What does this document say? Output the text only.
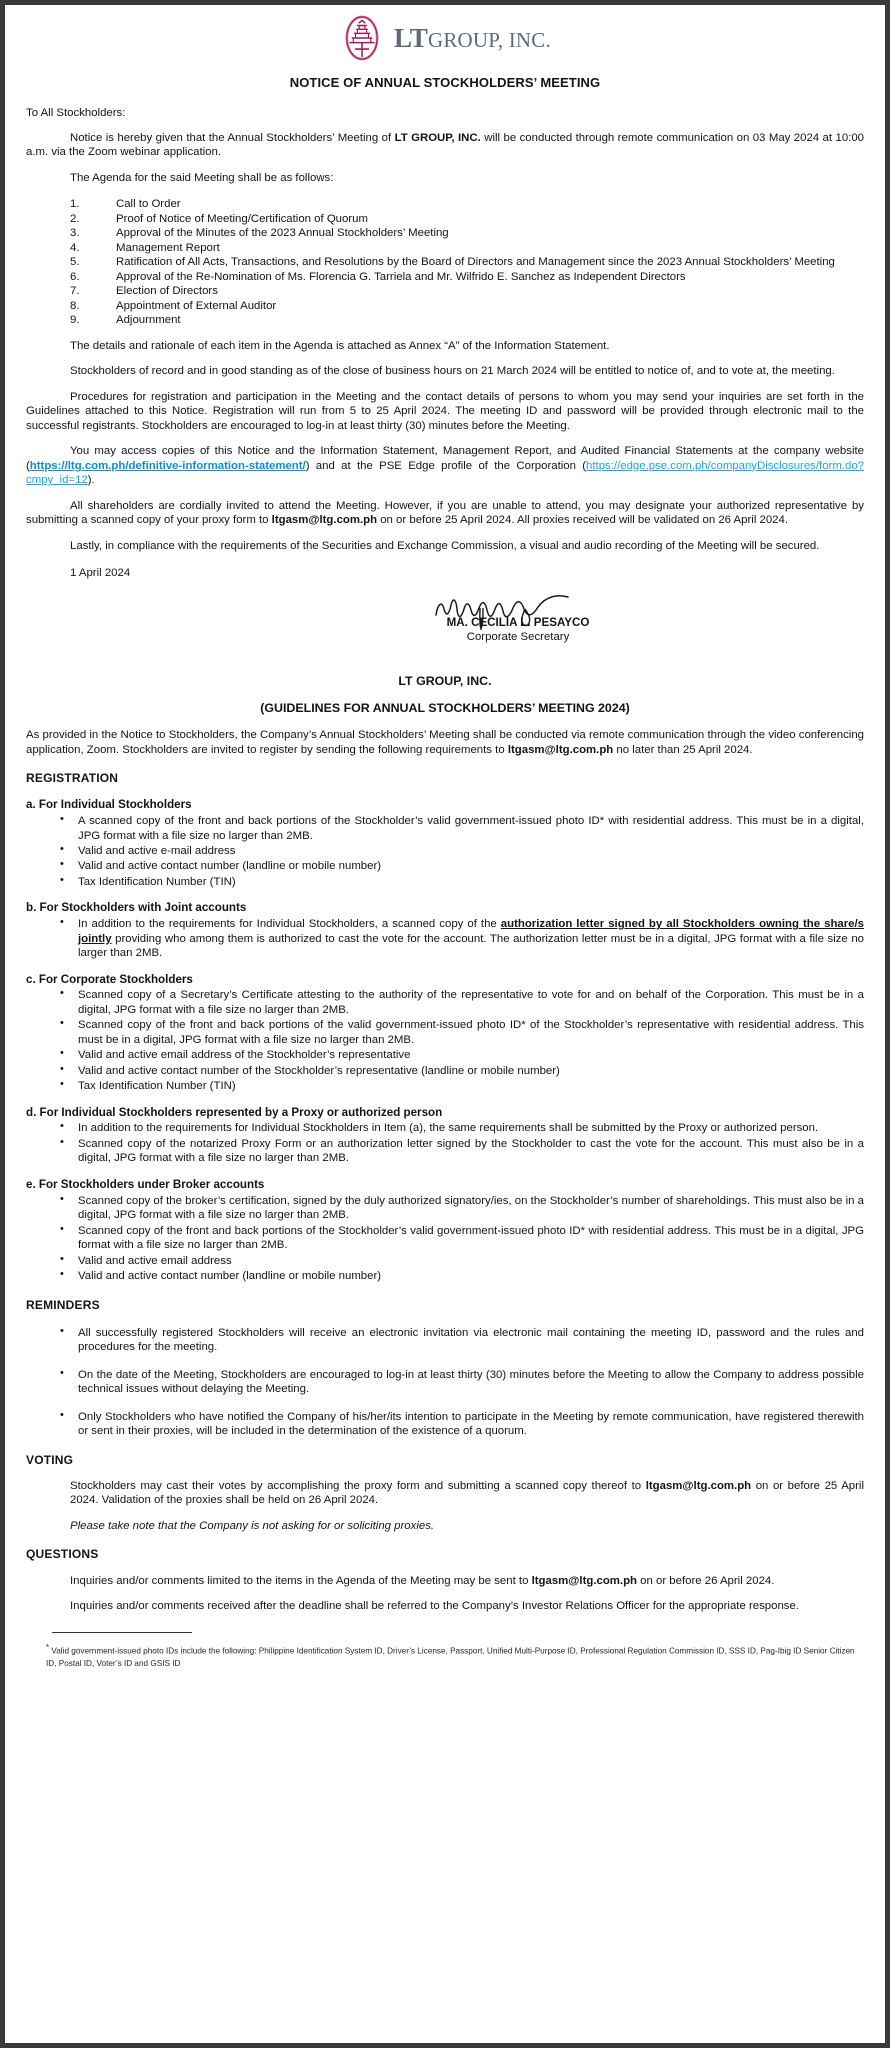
LTGROUP, INC.
NOTICE OF ANNUAL STOCKHOLDERS’ MEETING
To All Stockholders:

Notice is hereby given that the Annual Stockholders’ Meeting of LT GROUP, INC. will be conducted through remote communication on 03 May 2024 at 10:00 a.m. via the Zoom webinar application.

The Agenda for the said Meeting shall be as follows:

1.	Call to Order
2.	Proof of Notice of Meeting/Certification of Quorum
3.	Approval of the Minutes of the 2023 Annual Stockholders’ Meeting
4.	Management Report
5.	Ratification of All Acts, Transactions, and Resolutions by the Board of Directors and Management since the 2023 Annual Stockholders’ Meeting
6.	Approval of the Re-Nomination of Ms. Florencia G. Tarriela and Mr. Wilfrido E. Sanchez as Independent Directors
7.	Election of Directors
8.	Appointment of External Auditor
9.	Adjournment

The details and rationale of each item in the Agenda is attached as Annex “A” of the Information Statement.

Stockholders of record and in good standing as of the close of business hours on 21 March 2024 will be entitled to notice of, and to vote at, the meeting.

Procedures for registration and participation in the Meeting and the contact details of persons to whom you may send your inquiries are set forth in the Guidelines attached to this Notice. Registration will run from 5 to 25 April 2024. The meeting ID and password will be provided through electronic mail to the successful registrants. Stockholders are encouraged to log-in at least thirty (30) minutes before the Meeting.

You may access copies of this Notice and the Information Statement, Management Report, and Audited Financial Statements at the company website (https://ltg.com.ph/definitive-information-statement/) and at the PSE Edge profile of the Corporation (https://edge.pse.com.ph/companyDisclosures/form.do?cmpy_id=12).

All shareholders are cordially invited to attend the Meeting. However, if you are unable to attend, you may designate your authorized representative by submitting a scanned copy of your proxy form to ltgasm@ltg.com.ph on or before 25 April 2024. All proxies received will be validated on 26 April 2024.

Lastly, in compliance with the requirements of the Securities and Exchange Commission, a visual and audio recording of the Meeting will be secured.

1 April 2024
MA. CECILIA L. PESAYCO
Corporate Secretary
LT GROUP, INC.
(GUIDELINES FOR ANNUAL STOCKHOLDERS’ MEETING 2024)

As provided in the Notice to Stockholders, the Company’s Annual Stockholders’ Meeting shall be conducted via remote communication through the video conferencing application, Zoom. Stockholders are invited to register by sending the following requirements to ltgasm@ltg.com.ph no later than 25 April 2024.

REGISTRATION
a. For Individual Stockholders
• A scanned copy of the front and back portions of the Stockholder’s valid government-issued photo ID* with residential address. This must be in a digital, JPG format with a file size no larger than 2MB.
• Valid and active e-mail address
• Valid and active contact number (landline or mobile number)
• Tax Identification Number (TIN)
b. For Stockholders with Joint accounts
• In addition to the requirements for Individual Stockholders, a scanned copy of the authorization letter signed by all Stockholders owning the share/s jointly providing who among them is authorized to cast the vote for the account. The authorization letter must be in a digital, JPG format with a file size no larger than 2MB.
c. For Corporate Stockholders
• Scanned copy of a Secretary’s Certificate attesting to the authority of the representative to vote for and on behalf of the Corporation. This must be in a digital, JPG format with a file size no larger than 2MB.
• Scanned copy of the front and back portions of the valid government-issued photo ID* of the Stockholder’s representative with residential address. This must be in a digital, JPG format with a file size no larger than 2MB.
• Valid and active email address of the Stockholder’s representative
• Valid and active contact number of the Stockholder’s representative (landline or mobile number)
• Tax Identification Number (TIN)
d. For Individual Stockholders represented by a Proxy or authorized person
• In addition to the requirements for Individual Stockholders in Item (a), the same requirements shall be submitted by the Proxy or authorized person.
• Scanned copy of the notarized Proxy Form or an authorization letter signed by the Stockholder to cast the vote for the account. This must also be in a digital, JPG format with a file size no larger than 2MB.
e. For Stockholders under Broker accounts
• Scanned copy of the broker’s certification, signed by the duly authorized signatory/ies, on the Stockholder’s number of shareholdings. This must also be in a digital, JPG format with a file size no larger than 2MB.
• Scanned copy of the front and back portions of the Stockholder’s valid government-issued photo ID* with residential address. This must be in a digital, JPG format with a file size no larger than 2MB.
• Valid and active email address
• Valid and active contact number (landline or mobile number)
REMINDERS
• All successfully registered Stockholders will receive an electronic invitation via electronic mail containing the meeting ID, password and the rules and procedures for the meeting.
• On the date of the Meeting, Stockholders are encouraged to log-in at least thirty (30) minutes before the Meeting to allow the Company to address possible technical issues without delaying the Meeting.
• Only Stockholders who have notified the Company of his/her/its intention to participate in the Meeting by remote communication, have registered therewith or sent in their proxies, will be included in the determination of the existence of a quorum.
VOTING

Stockholders may cast their votes by accomplishing the proxy form and submitting a scanned copy thereof to ltgasm@ltg.com.ph on or before 25 April 2024. Validation of the proxies shall be held on 26 April 2024.

Please take note that the Company is not asking for or soliciting proxies.

QUESTIONS

Inquiries and/or comments limited to the items in the Agenda of the Meeting may be sent to ltgasm@ltg.com.ph on or before 26 April 2024.

Inquiries and/or comments received after the deadline shall be referred to the Company’s Investor Relations Officer for the appropriate response.

* Valid government-issued photo IDs include the following: Philippine Identification System ID, Driver’s License, Passport, Unified Multi-Purpose ID, Professional Regulation Commission ID, SSS ID, Pag-Ibig ID Senior Citizen ID, Postal ID, Voter’s ID and GSIS ID
